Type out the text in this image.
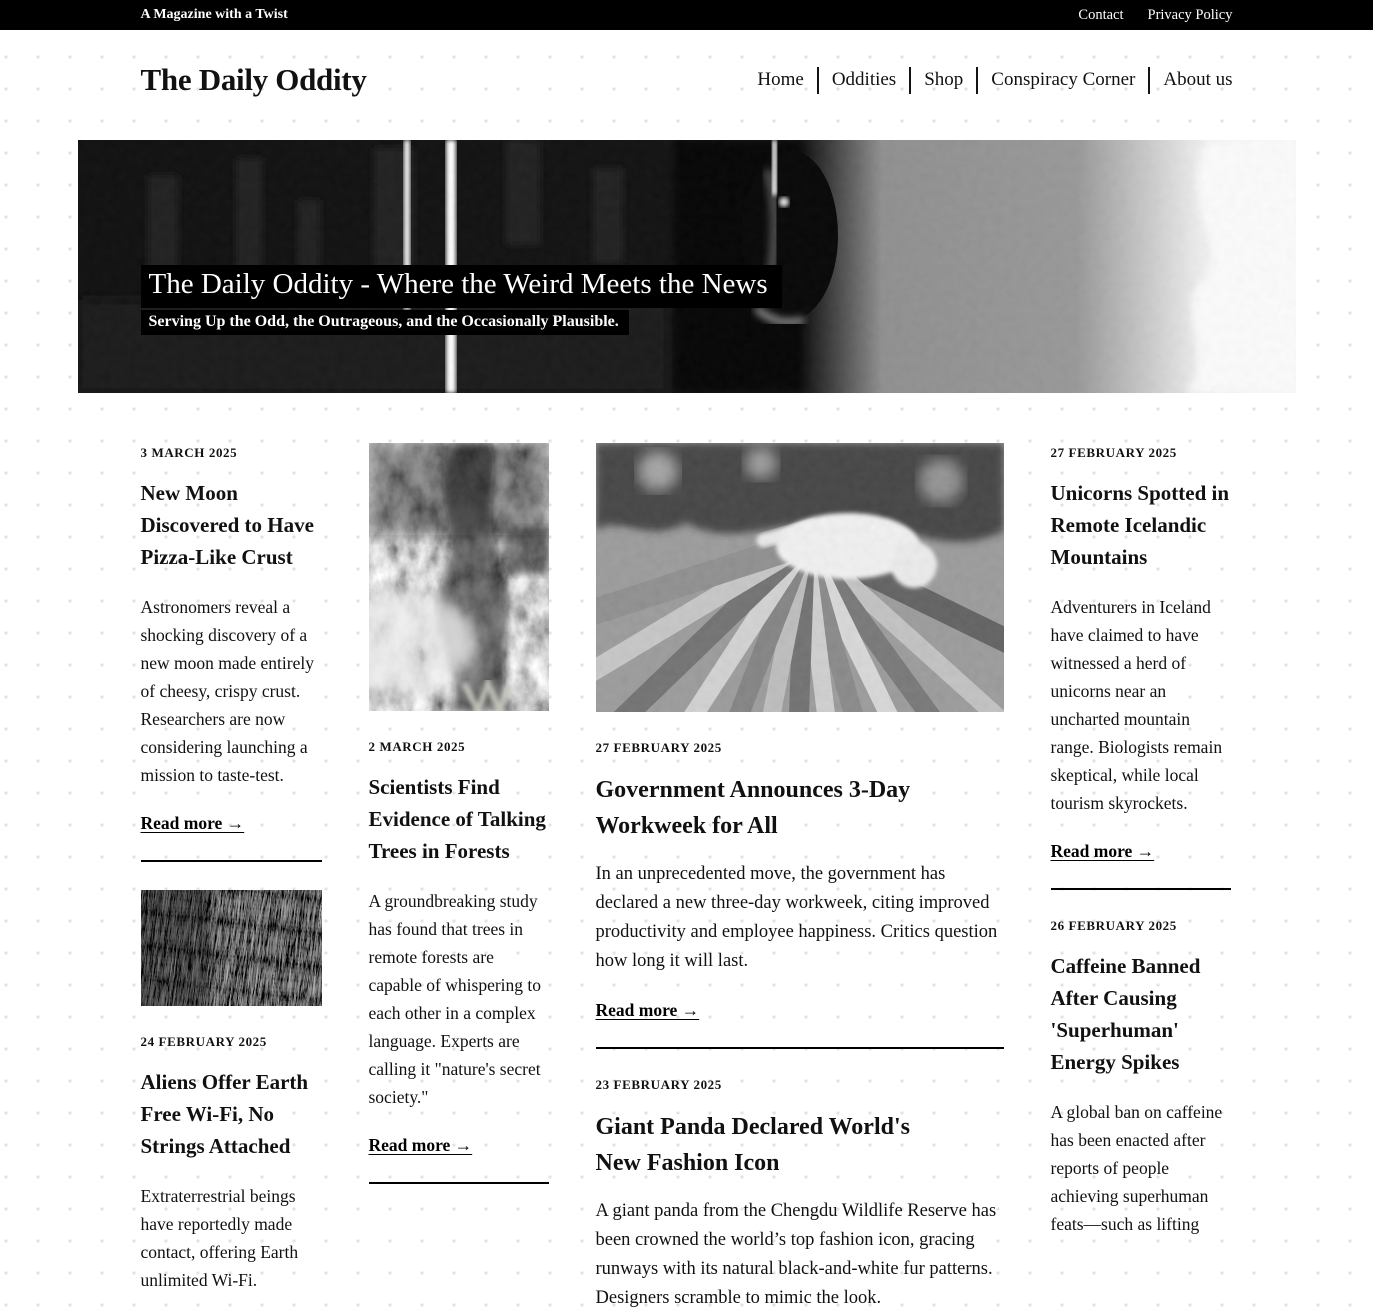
A Magazine with a Twist	Contact Privacy Policy
The Daily Oddity	Home Oddities Shop Conspiracy Corner About us
The Daily Oddity - Where the Weird Meets the News
Serving Up the Odd, the Outrageous, and the Occasionally Plausible.
3 MARCH 2025
New Moon Discovered to Have Pizza-Like Crust

Astronomers reveal a shocking discovery of a new moon made entirely of cheesy, crispy crust. Researchers are now considering launching a mission to taste-test.

Read more →
24 FEBRUARY 2025
Aliens Offer Earth Free Wi-Fi, No Strings Attached

Extraterrestrial beings have reportedly made contact, offering Earth unlimited Wi-Fi.

2 MARCH 2025
Scientists Find Evidence of Talking Trees in Forests

A groundbreaking study has found that trees in remote forests are capable of whispering to each other in a complex language. Experts are calling it "nature's secret society."

Read more →
27 FEBRUARY 2025
Government Announces 3-Day Workweek for All

In an unprecedented move, the government has declared a new three-day workweek, citing improved productivity and employee happiness. Critics question how long it will last.

Read more →
23 FEBRUARY 2025
Giant Panda Declared World's New Fashion Icon

A giant panda from the Chengdu Wildlife Reserve has been crowned the world’s top fashion icon, gracing runways with its natural black-and-white fur patterns. Designers scramble to mimic the look.

27 FEBRUARY 2025
Unicorns Spotted in Remote Icelandic Mountains

Adventurers in Iceland have claimed to have witnessed a herd of unicorns near an uncharted mountain range. Biologists remain skeptical, while local tourism skyrockets.

Read more →
26 FEBRUARY 2025
Caffeine Banned After Causing 'Superhuman' Energy Spikes

A global ban on caffeine has been enacted after reports of people achieving superhuman feats—such as lifting
